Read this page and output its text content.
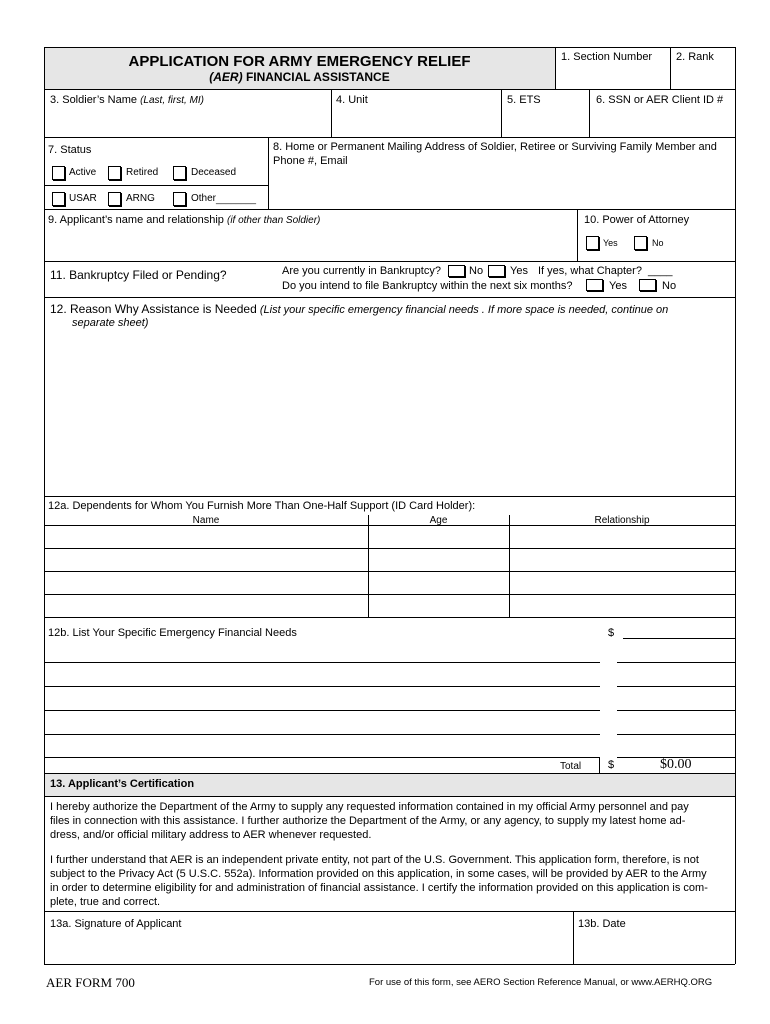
APPLICATION FOR ARMY EMERGENCY RELIEF
(AER) FINANCIAL ASSISTANCE
1. Section Number 2. Rank
3. Soldier’s Name (Last, first, MI)	4. Unit	5. ETS	6. SSN or AER Client ID #
7. Status
Active	Retired	Deceased
USAR	ARNG	Other ________
8. Home or Permanent Mailing Address of Soldier, Retiree or Surviving Family Member and
Phone #, Email
9. Applicant’s name and relationship (if other than Soldier)	10. Power of Attorney
Yes	No
11. Bankruptcy Filed or Pending?	Are you currently in Bankruptcy?	No Yes If yes, what Chapter? ____
Do you intend to file Bankruptcy within the next six months?	Yes	No
12. Reason Why Assistance is Needed (List your specific emergency financial needs . If more space is needed, continue on
separate sheet)
12a. Dependents for Whom You Furnish More Than One-Half Support (ID Card Holder):
Name	Age	Relationship
12b. List Your Specific Emergency Financial Needs	$
Total $	$0.00
13. Applicant’s Certification
I hereby authorize the Department of the Army to supply any requested information contained in my official Army personnel and pay
files in connection with this assistance. I further authorize the Department of the Army, or any agency, to supply my latest home ad-
dress, and/or official military address to AER whenever requested.
I further understand that AER is an independent private entity, not part of the U.S. Government. This application form, therefore, is not
subject to the Privacy Act (5 U.S.C. 552a). Information provided on this application, in some cases, will be provided by AER to the Army
in order to determine eligibility for and administration of financial assistance. I certify the information provided on this application is com-
plete, true and correct.
13a. Signature of Applicant	13b. Date
AER FORM 700	For use of this form, see AERO Section Reference Manual, or www.AERHQ.ORG
